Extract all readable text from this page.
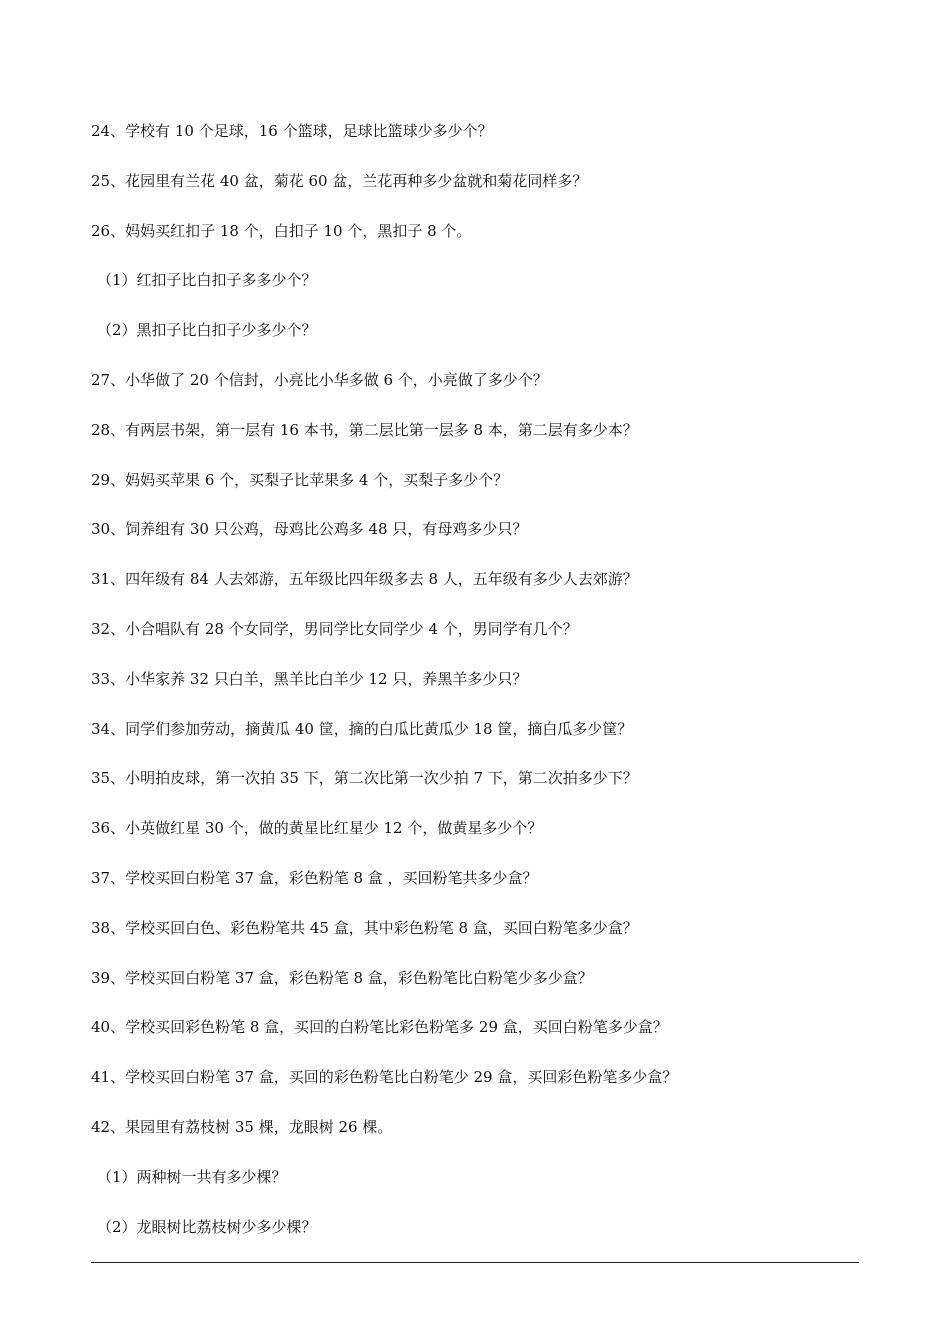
24、学校有 10 个足球，16 个篮球，足球比篮球少多少个？
25、花园里有兰花 40 盆，菊花 60 盆，兰花再种多少盆就和菊花同样多？
26、妈妈买红扣子 18 个，白扣子 10 个，黑扣子 8 个。
（1）红扣子比白扣子多多少个？
（2）黑扣子比白扣子少多少个？
27、小华做了 20 个信封，小亮比小华多做 6 个，小亮做了多少个？
28、有两层书架，第一层有 16 本书，第二层比第一层多 8 本，第二层有多少本？
29、妈妈买苹果 6 个，买梨子比苹果多 4 个，买梨子多少个？
30、饲养组有 30 只公鸡，母鸡比公鸡多 48 只，有母鸡多少只？
31、四年级有 84 人去郊游，五年级比四年级多去 8 人，五年级有多少人去郊游？
32、小合唱队有 28 个女同学，男同学比女同学少 4 个，男同学有几个？
33、小华家养 32 只白羊，黑羊比白羊少 12 只，养黑羊多少只？
34、同学们参加劳动，摘黄瓜 40 筐，摘的白瓜比黄瓜少 18 筐，摘白瓜多少筐？
35、小明拍皮球，第一次拍 35 下，第二次比第一次少拍 7 下，第二次拍多少下？
36、小英做红星 30 个，做的黄星比红星少 12 个，做黄星多少个？
37、学校买回白粉笔 37 盒，彩色粉笔 8 盒 ，买回粉笔共多少盒？
38、学校买回白色、彩色粉笔共 45 盒，其中彩色粉笔 8 盒，买回白粉笔多少盒？
39、学校买回白粉笔 37 盒，彩色粉笔 8 盒，彩色粉笔比白粉笔少多少盒？
40、学校买回彩色粉笔 8 盒，买回的白粉笔比彩色粉笔多 29 盒，买回白粉笔多少盒？
41、学校买回白粉笔 37 盒，买回的彩色粉笔比白粉笔少 29 盒，买回彩色粉笔多少盒？
42、果园里有荔枝树 35 棵，龙眼树 26 棵。
（1）两种树一共有多少棵？
（2）龙眼树比荔枝树少多少棵？
